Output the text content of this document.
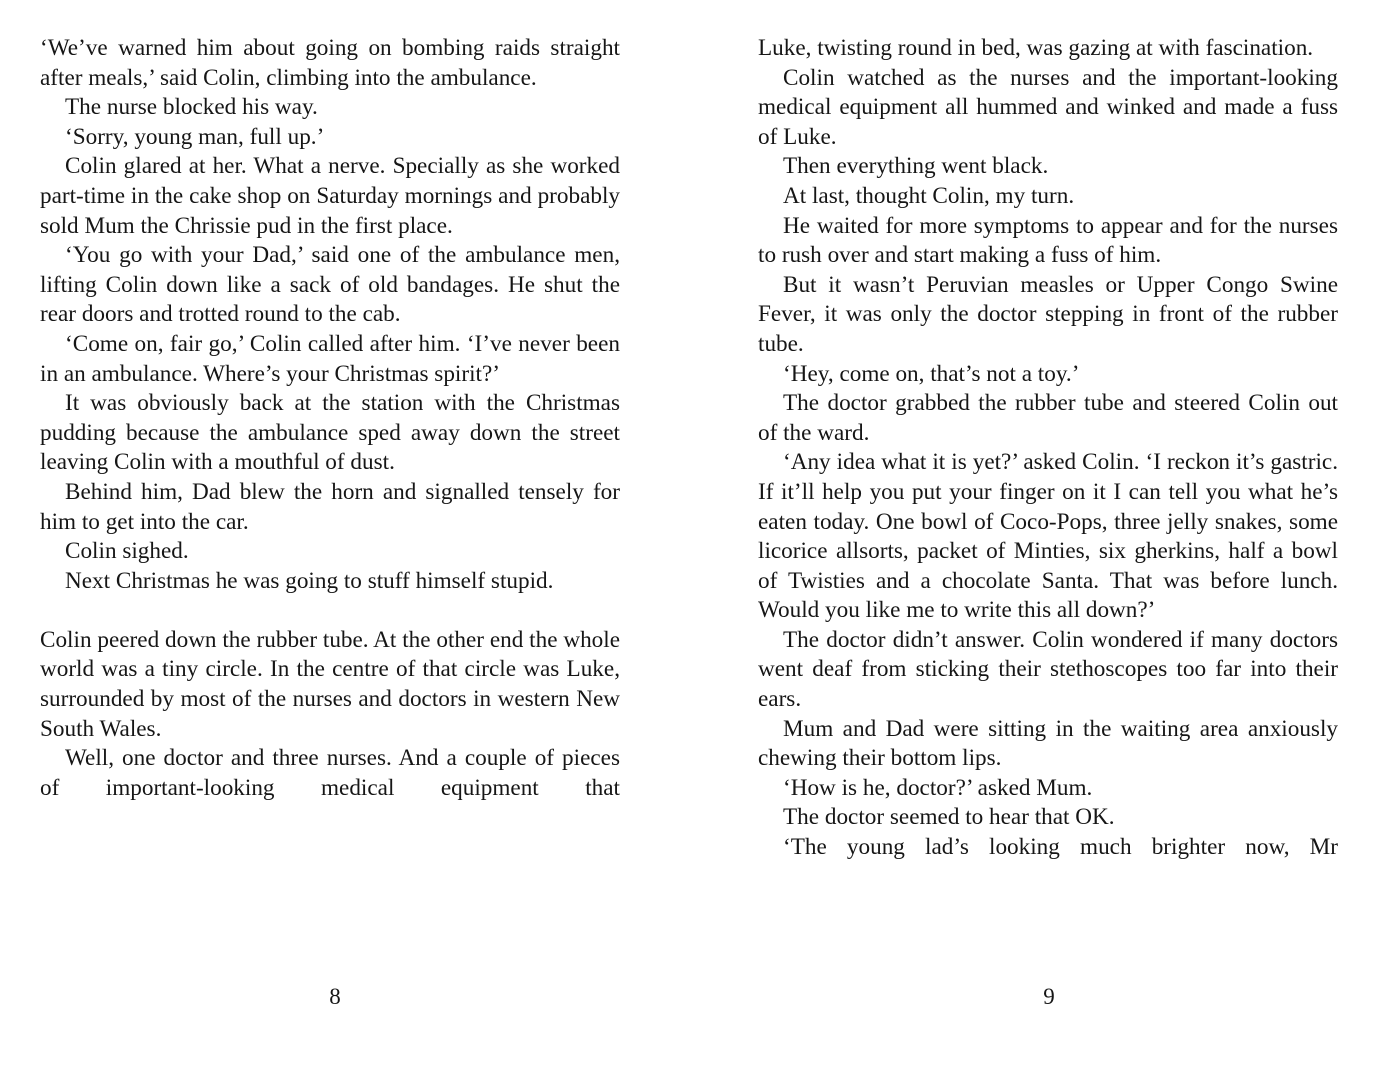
‘We’ve warned him about going on bombing raids straight after meals,’ said Colin, climbing into the ambulance.

The nurse blocked his way.

‘Sorry, young man, full up.’

Colin glared at her. What a nerve. Specially as she worked part-time in the cake shop on Saturday mornings and probably sold Mum the Chrissie pud in the first place.

‘You go with your Dad,’ said one of the ambulance men, lifting Colin down like a sack of old bandages. He shut the rear doors and trotted round to the cab.

‘Come on, fair go,’ Colin called after him. ‘I’ve never been in an ambulance. Where’s your Christmas spirit?’

It was obviously back at the station with the Christmas pudding because the ambulance sped away down the street leaving Colin with a mouthful of dust.

Behind him, Dad blew the horn and signalled tensely for him to get into the car.

Colin sighed.

Next Christmas he was going to stuff himself stupid.

Colin peered down the rubber tube. At the other end the whole world was a tiny circle. In the centre of that circle was Luke, surrounded by most of the nurses and doctors in western New South Wales.

Well, one doctor and three nurses. And a couple of pieces of important-looking medical equipment that

8

Luke, twisting round in bed, was gazing at with fascination.

Colin watched as the nurses and the important-looking medical equipment all hummed and winked and made a fuss of Luke.

Then everything went black.

At last, thought Colin, my turn.

He waited for more symptoms to appear and for the nurses to rush over and start making a fuss of him.

But it wasn’t Peruvian measles or Upper Congo Swine Fever, it was only the doctor stepping in front of the rubber tube.

‘Hey, come on, that’s not a toy.’

The doctor grabbed the rubber tube and steered Colin out of the ward.

‘Any idea what it is yet?’ asked Colin. ‘I reckon it’s gastric. If it’ll help you put your finger on it I can tell you what he’s eaten today. One bowl of Coco-Pops, three jelly snakes, some licorice allsorts, packet of Minties, six gherkins, half a bowl of Twisties and a chocolate Santa. That was before lunch. Would you like me to write this all down?’

The doctor didn’t answer. Colin wondered if many doctors went deaf from sticking their stethoscopes too far into their ears.

Mum and Dad were sitting in the waiting area anxiously chewing their bottom lips.

‘How is he, doctor?’ asked Mum.

The doctor seemed to hear that OK.

‘The young lad’s looking much brighter now, Mr

9
